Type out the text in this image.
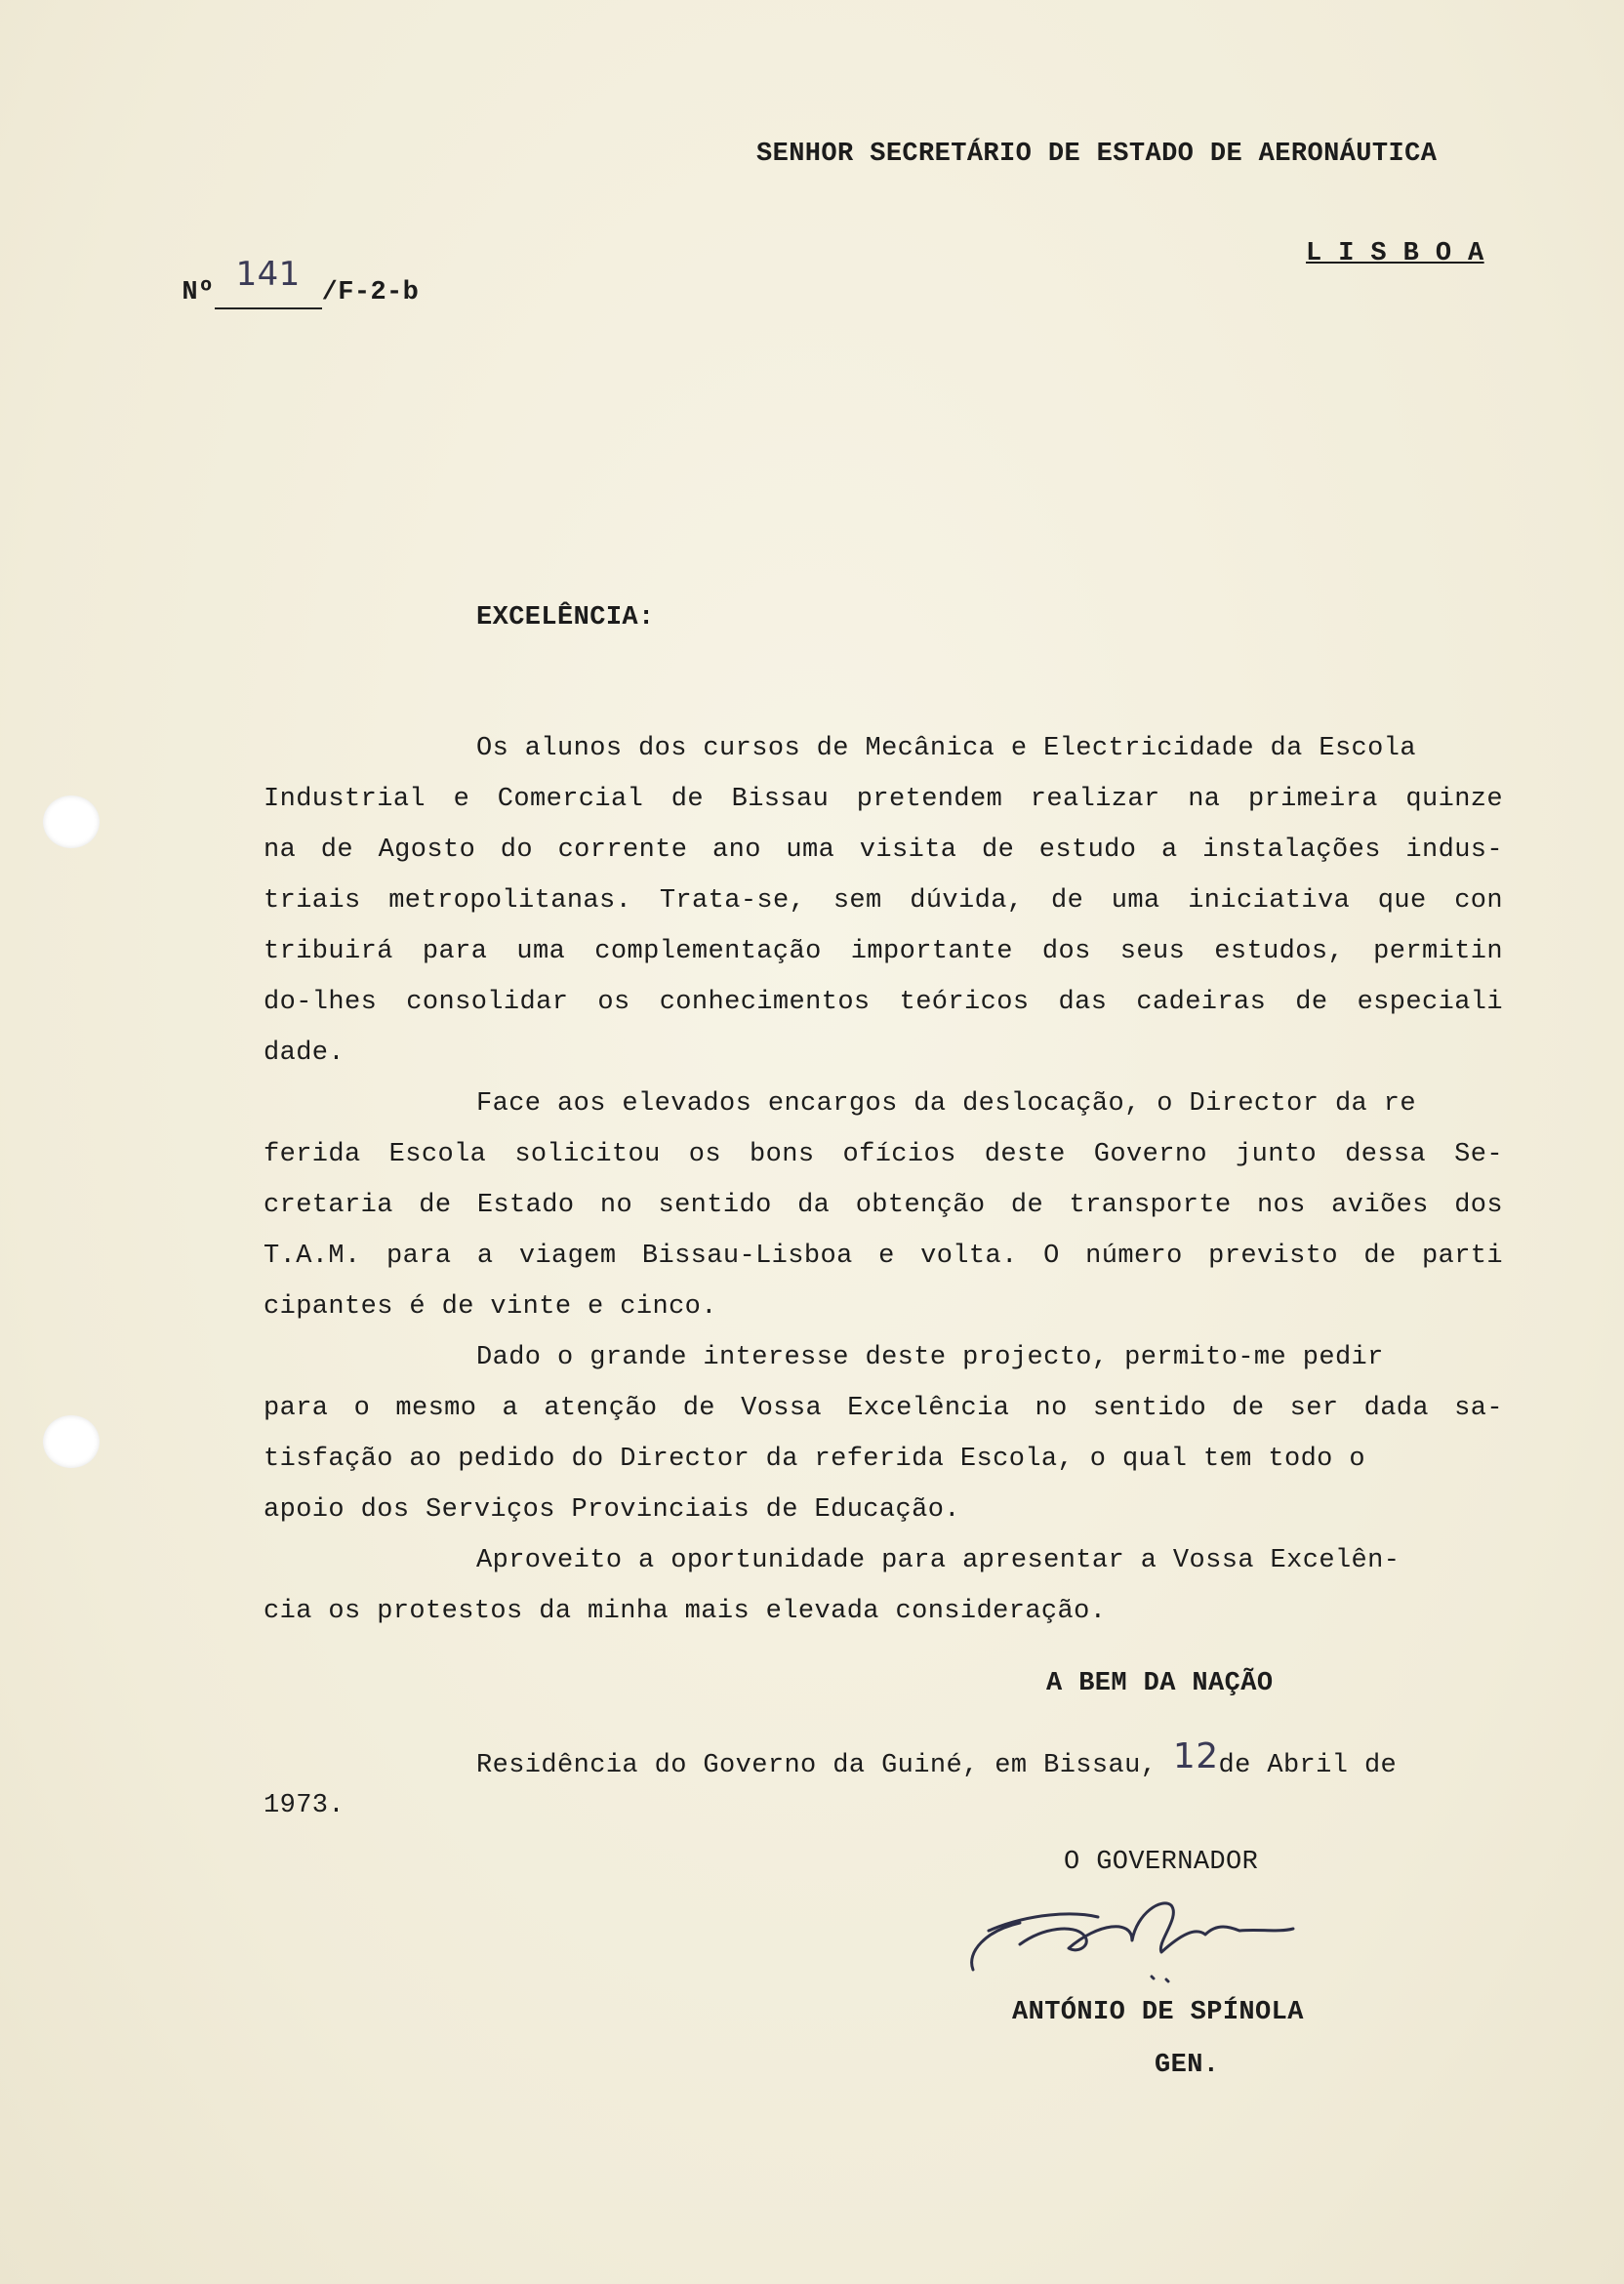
SENHOR SECRETÁRIO DE ESTADO DE AERONÁUTICA

Nº 141 /F-2-b

L I S B O A
EXCELÊNCIA:
Os alunos dos cursos de Mecânica e Electricidade da Escola
Industrial e Comercial de Bissau pretendem realizar na primeira quinze
na de Agosto do corrente ano uma visita de estudo a instalações indus-
triais metropolitanas. Trata-se, sem dúvida, de uma iniciativa que con
tribuirá para uma complementação importante dos seus estudos, permitin
do-lhes consolidar os conhecimentos teóricos das cadeiras de especiali
dade.
Face aos elevados encargos da deslocação, o Director da re
ferida Escola solicitou os bons ofícios deste Governo junto dessa Se-
cretaria de Estado no sentido da obtenção de transporte nos aviões dos
T.A.M. para a viagem Bissau-Lisboa e volta. O número previsto de parti
cipantes é de vinte e cinco.
Dado o grande interesse deste projecto, permito-me pedir
para o mesmo a atenção de Vossa Excelência no sentido de ser dada sa-
tisfação ao pedido do Director da referida Escola, o qual tem todo o
apoio dos Serviços Provinciais de Educação.
Aproveito a oportunidade para apresentar a Vossa Excelên-
cia os protestos da minha mais elevada consideração.
A BEM DA NAÇÃO
Residência do Governo da Guiné, em Bissau, 12de Abril de
1973.
O GOVERNADOR
ANTÓNIO DE SPÍNOLA
GEN.
